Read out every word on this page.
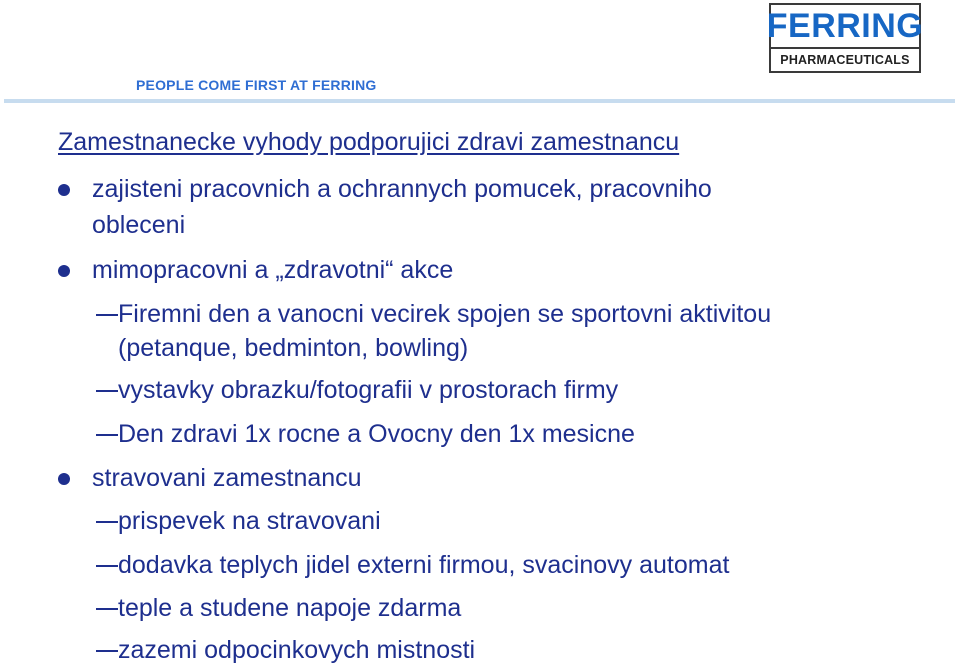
PEOPLE COME FIRST AT FERRING
FERRING
PHARMACEUTICALS
Zamestnanecke vyhody podporujici zdravi zamestnancu
zajisteni pracovnich a ochrannych pomucek, pracovniho
obleceni
mimopracovni a „zdravotni“ akce
Firemni den a vanocni vecirek spojen se sportovni aktivitou
(petanque, bedminton, bowling)
vystavky obrazku/fotografii v prostorach firmy
Den zdravi 1x rocne a Ovocny den 1x mesicne
stravovani zamestnancu
prispevek na stravovani
dodavka teplych jidel externi firmou, svacinovy automat
teple a studene napoje zdarma
zazemi odpocinkovych mistnosti
